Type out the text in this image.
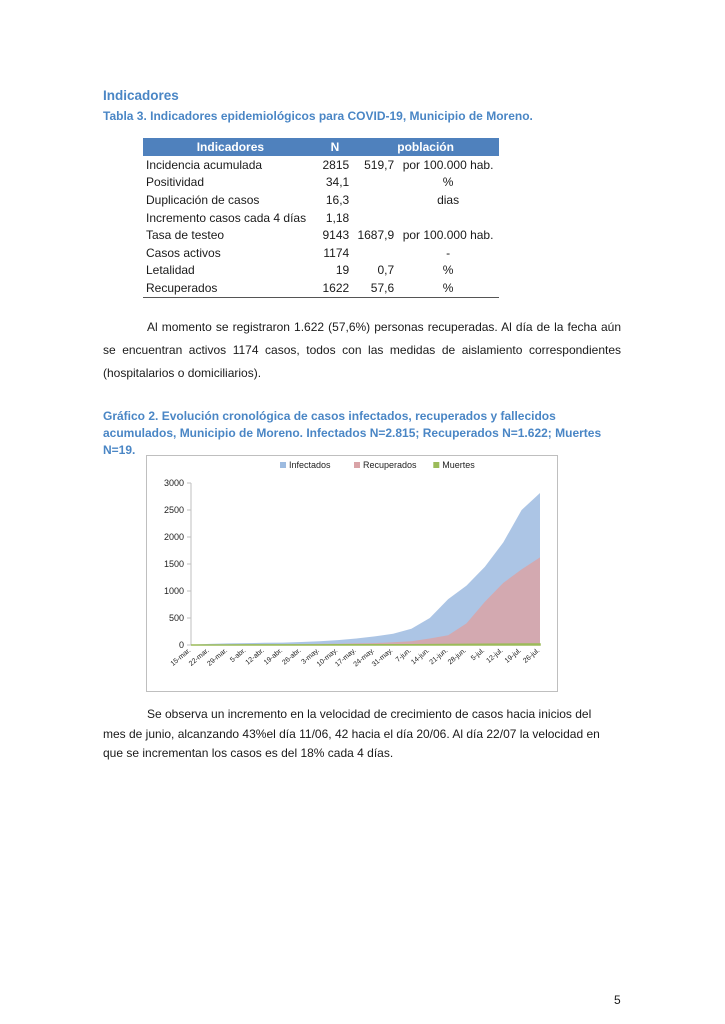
Indicadores
Tabla 3. Indicadores epidemiológicos para COVID-19, Municipio de Moreno.
Indicadores	N	población	
Incidencia acumulada	2815	519,7	por 100.000 hab.
Positividad	34,1		%
Duplicación de casos	16,3		dias
Incremento casos cada 4 días	1,18		
Tasa de testeo	9143	1687,9	por 100.000 hab.
Casos activos	1174		-
Letalidad	19	0,7	%
Recuperados	1622	57,6	%

Al momento se registraron 1.622 (57,6%) personas recuperadas. Al día de la fecha aún se encuentran activos 1174 casos, todos con las medidas de aislamiento correspondientes (hospitalarios o domiciliarios).

Gráfico 2. Evolución cronológica de casos infectados, recuperados y fallecidos acumulados, Municipio de Moreno. Infectados N=2.815; Recuperados N=1.622; Muertes N=19.
0
500
1000
1500
2000
2500
3000
15-mar.
22-mar.
29-mar. 5-abr.
12-abr.
19-abr.
26-abr.
3-may.
10-may.
17-may.
24-may.
31-may. 7-jun.
14-jun.
21-jun.
28-jun. 5-jul. 12-jul. 19-jul. 26-jul.
Infectados	Recuperados	Muertes
Se observa un incremento en la velocidad de crecimiento de casos hacia inicios del
mes de junio, alcanzando 43%el día 11/06, 42 hacia el día 20/06. Al día 22/07 la velocidad en que se incrementan los casos es del 18% cada 4 días.
5
